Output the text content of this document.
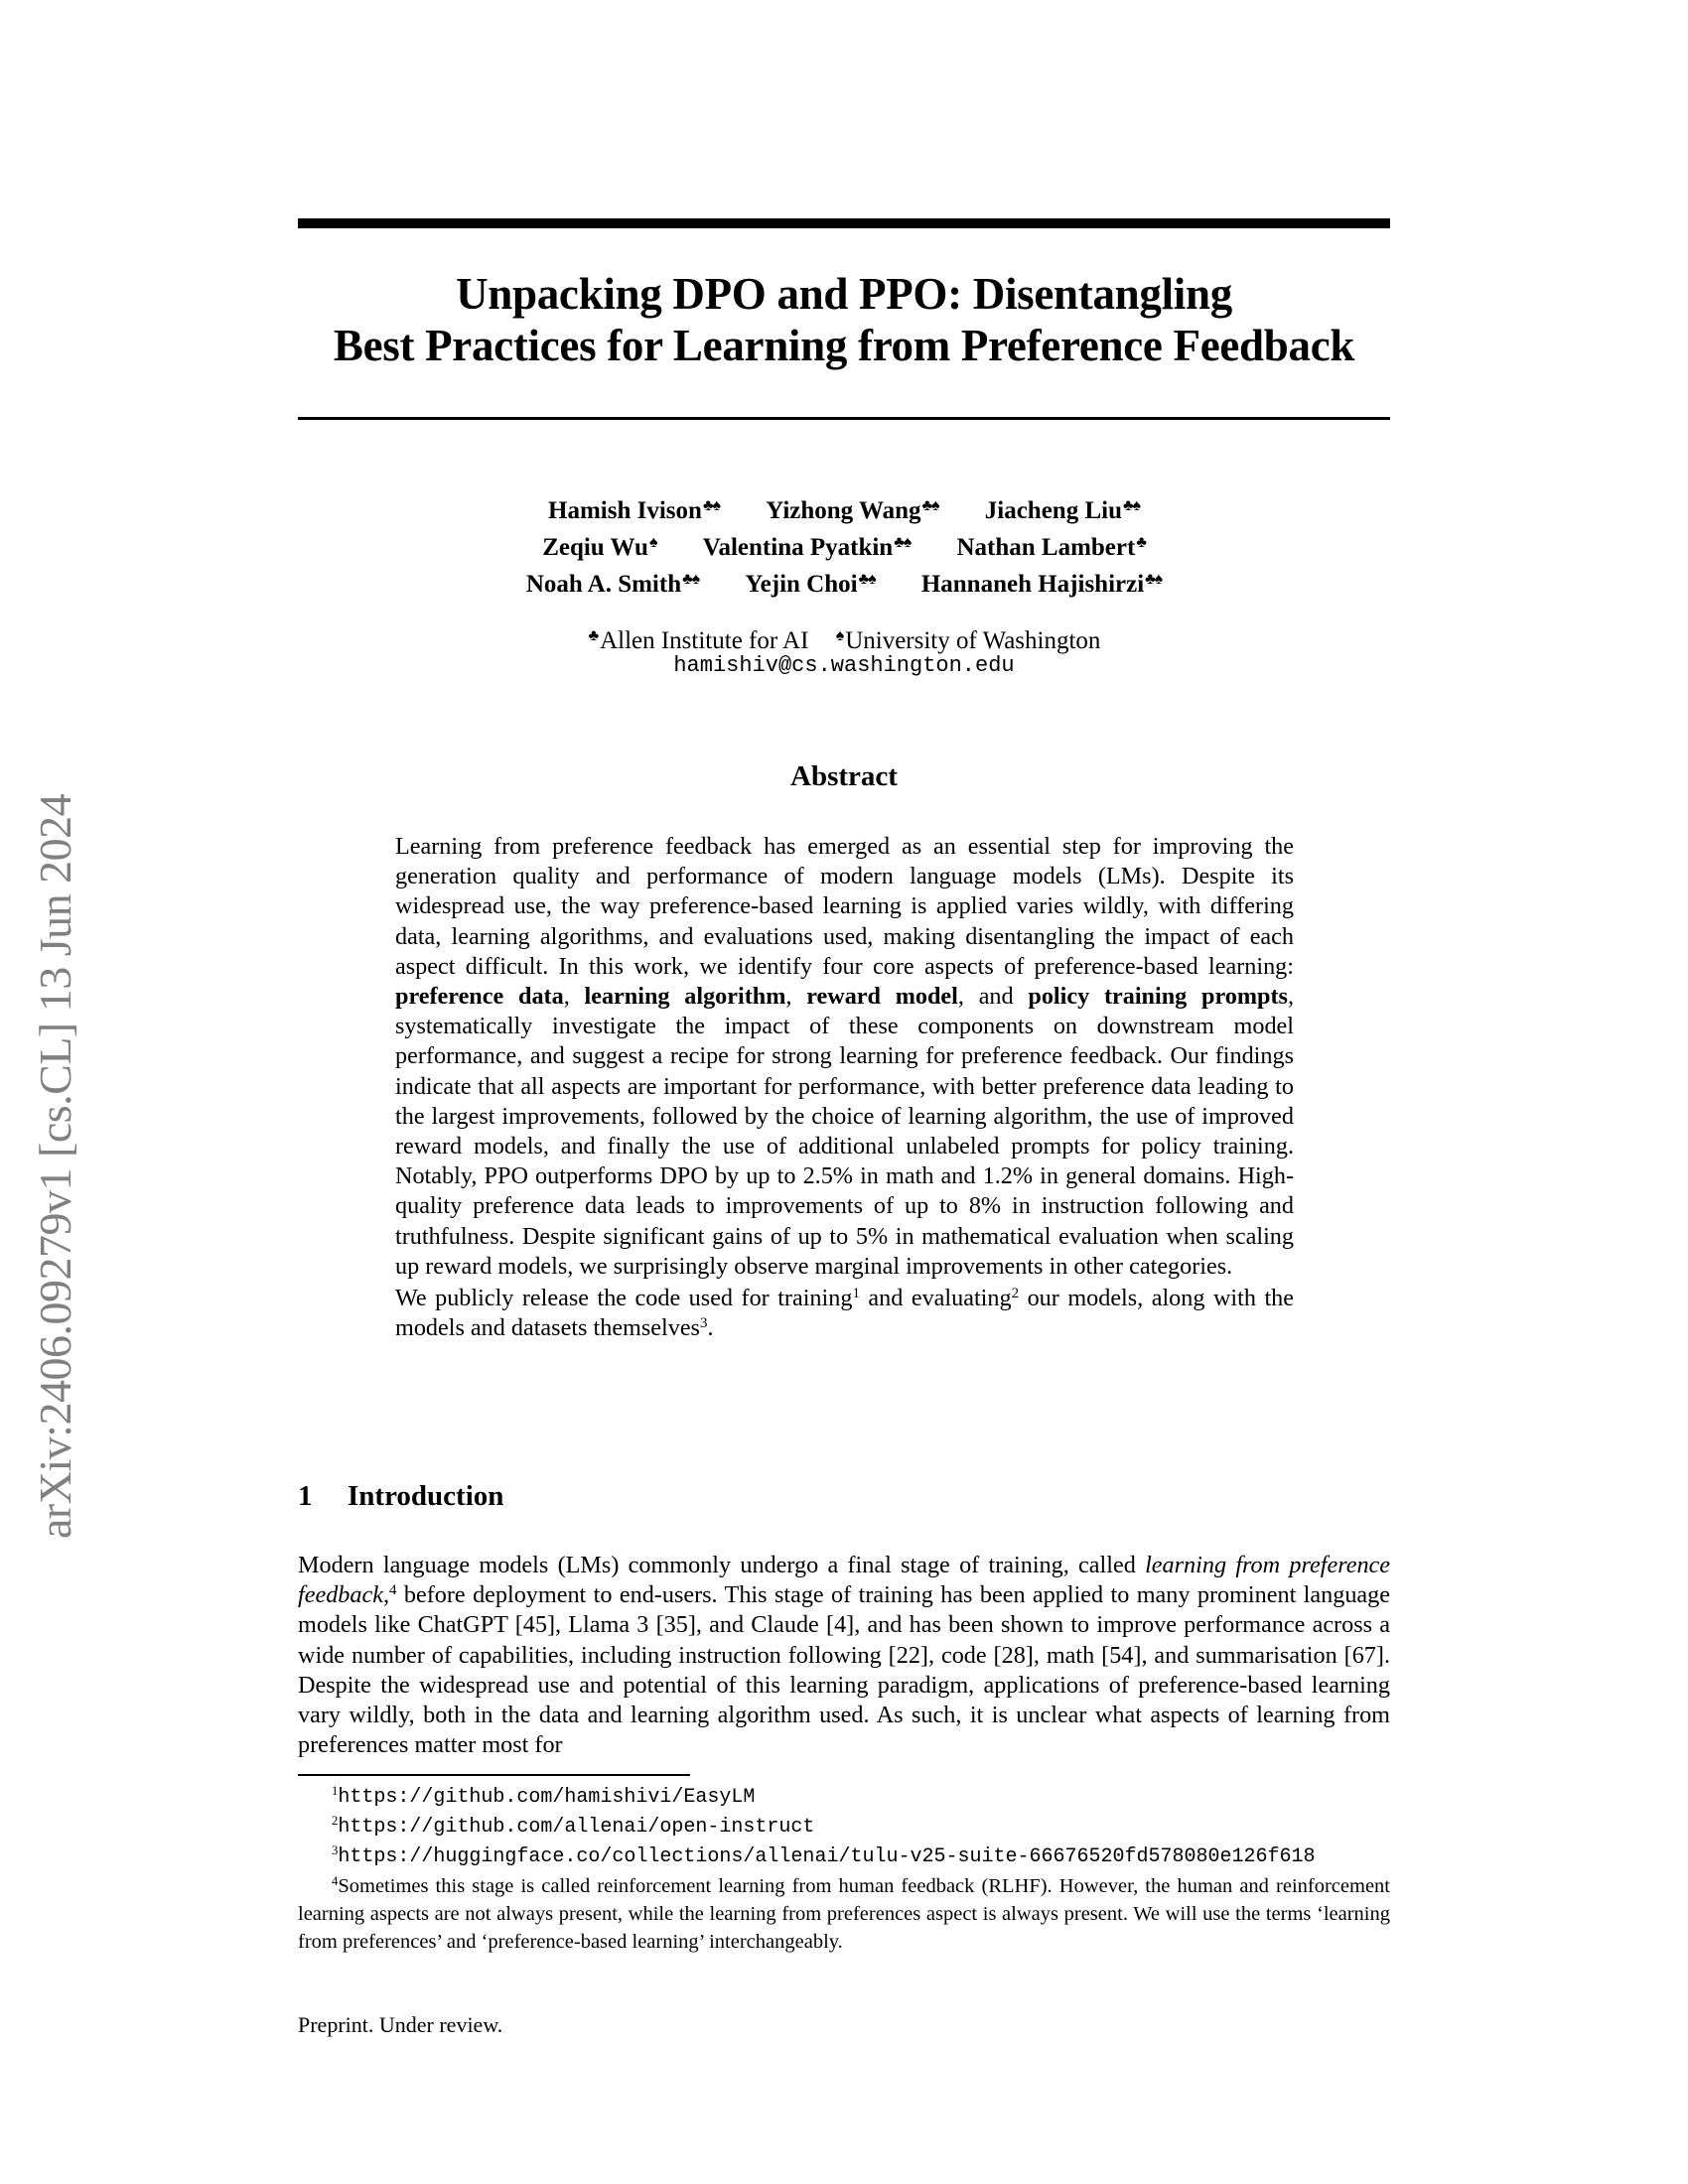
arXiv:2406.09279v1 [cs.CL] 13 Jun 2024
Unpacking DPO and PPO: Disentangling
Best Practices for Learning from Preference Feedback
Hamish Ivison♣♠ Yizhong Wang♣♠ Jiacheng Liu♣♠
Zeqiu Wu♠ Valentina Pyatkin♣♠ Nathan Lambert♣
Noah A. Smith♣♠ Yejin Choi♣♠ Hannaneh Hajishirzi♣♠
♣Allen Institute for AI ♠University of Washington
hamishiv@cs.washington.edu
Abstract

Learning from preference feedback has emerged as an essential step for improving the generation quality and performance of modern language models (LMs). Despite its widespread use, the way preference-based learning is applied varies wildly, with differing data, learning algorithms, and evaluations used, making disentangling the impact of each aspect difficult. In this work, we identify four core aspects of preference-based learning: preference data, learning algorithm, reward model, and policy training prompts, systematically investigate the impact of these components on downstream model performance, and suggest a recipe for strong learning for preference feedback. Our findings indicate that all aspects are important for performance, with better preference data leading to the largest improvements, followed by the choice of learning algorithm, the use of improved reward models, and finally the use of additional unlabeled prompts for policy training. Notably, PPO outperforms DPO by up to 2.5% in math and 1.2% in general domains. High-quality preference data leads to improvements of up to 8% in instruction following and truthfulness. Despite significant gains of up to 5% in mathematical evaluation when scaling up reward models, we surprisingly observe marginal improvements in other categories.

We publicly release the code used for training$^1$ and evaluating$^2$ our models, along with the models and datasets themselves$^3$.

1 Introduction

Modern language models (LMs) commonly undergo a final stage of training, called learning from preference feedback,$^4$ before deployment to end-users. This stage of training has been applied to many prominent language models like ChatGPT [45], Llama 3 [35], and Claude [4], and has been shown to improve performance across a wide number of capabilities, including instruction following [22], code [28], math [54], and summarisation [67]. Despite the widespread use and potential of this learning paradigm, applications of preference-based learning vary wildly, both in the data and learning algorithm used. As such, it is unclear what aspects of learning from preferences matter most for

$^1$https://github.com/hamishivi/EasyLM
$^2$https://github.com/allenai/open-instruct
$^3$https://huggingface.co/collections/allenai/tulu-v25-suite-66676520fd578080e126f618
$^4$Sometimes this stage is called reinforcement learning from human feedback (RLHF). However, the human and reinforcement learning aspects are not always present, while the learning from preferences aspect is always present. We will use the terms ‘learning from preferences’ and ‘preference-based learning’ interchangeably.
Preprint. Under review.
